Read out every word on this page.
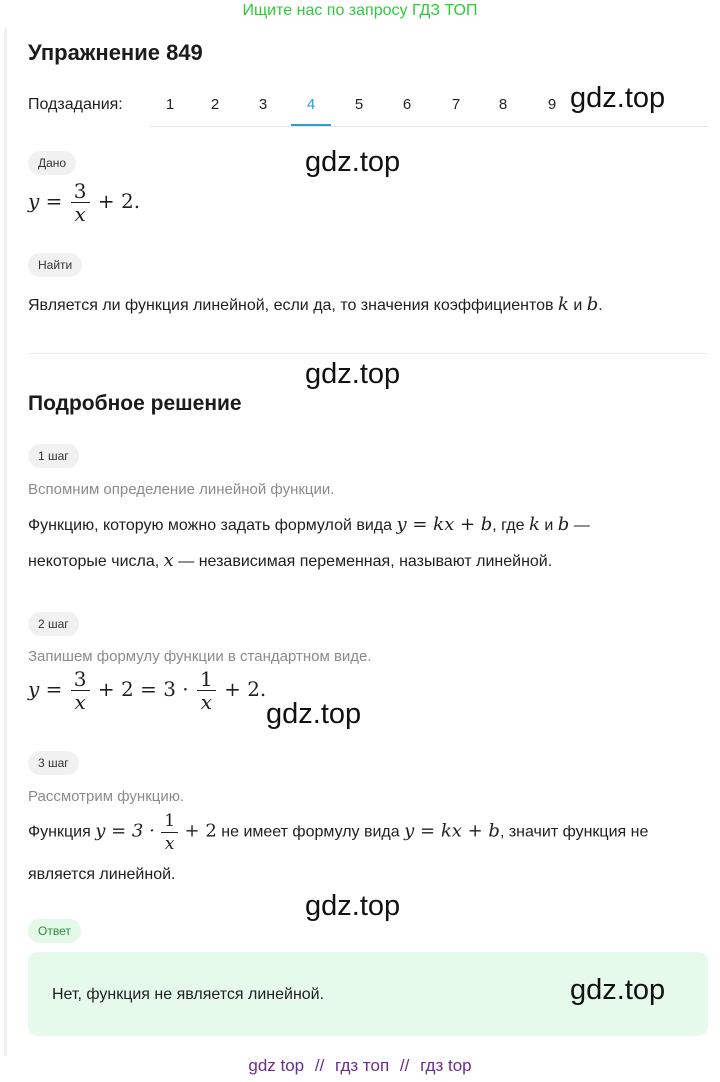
Ищите нас по запросу ГДЗ ТОП
Упражнение 849
Подзадания:	1	2	3	4	5	6	7	8	9 gdz.top
Дано	gdz.top
$y = \frac{3}{x} + 2$.
Найти
Является ли функция линейной, если да, то значения коэффициентов k и b.
gdz.top
Подробное решение
1 шаг
Вспомним определение линейной функции.
Функцию, которую можно задать формулой вида y = kx + b, где k и b —
некоторые числа, x — независимая переменная, называют линейной.
2 шаг
Запишем формулу функции в стандартном виде.
$y = \frac{3}{x} + 2 = 3 \cdot \frac{1}{x} + 2$.
gdz.top
3 шаг
Рассмотрим функцию.
Функция $y = 3 \cdot \frac{1}{x} + 2$ не имеет формулу вида y = kx + b, значит функция не
является линейной.
gdz.top
Ответ
Нет, функция не является линейной.	gdz.top
gdz top // гдз топ // гдз top
